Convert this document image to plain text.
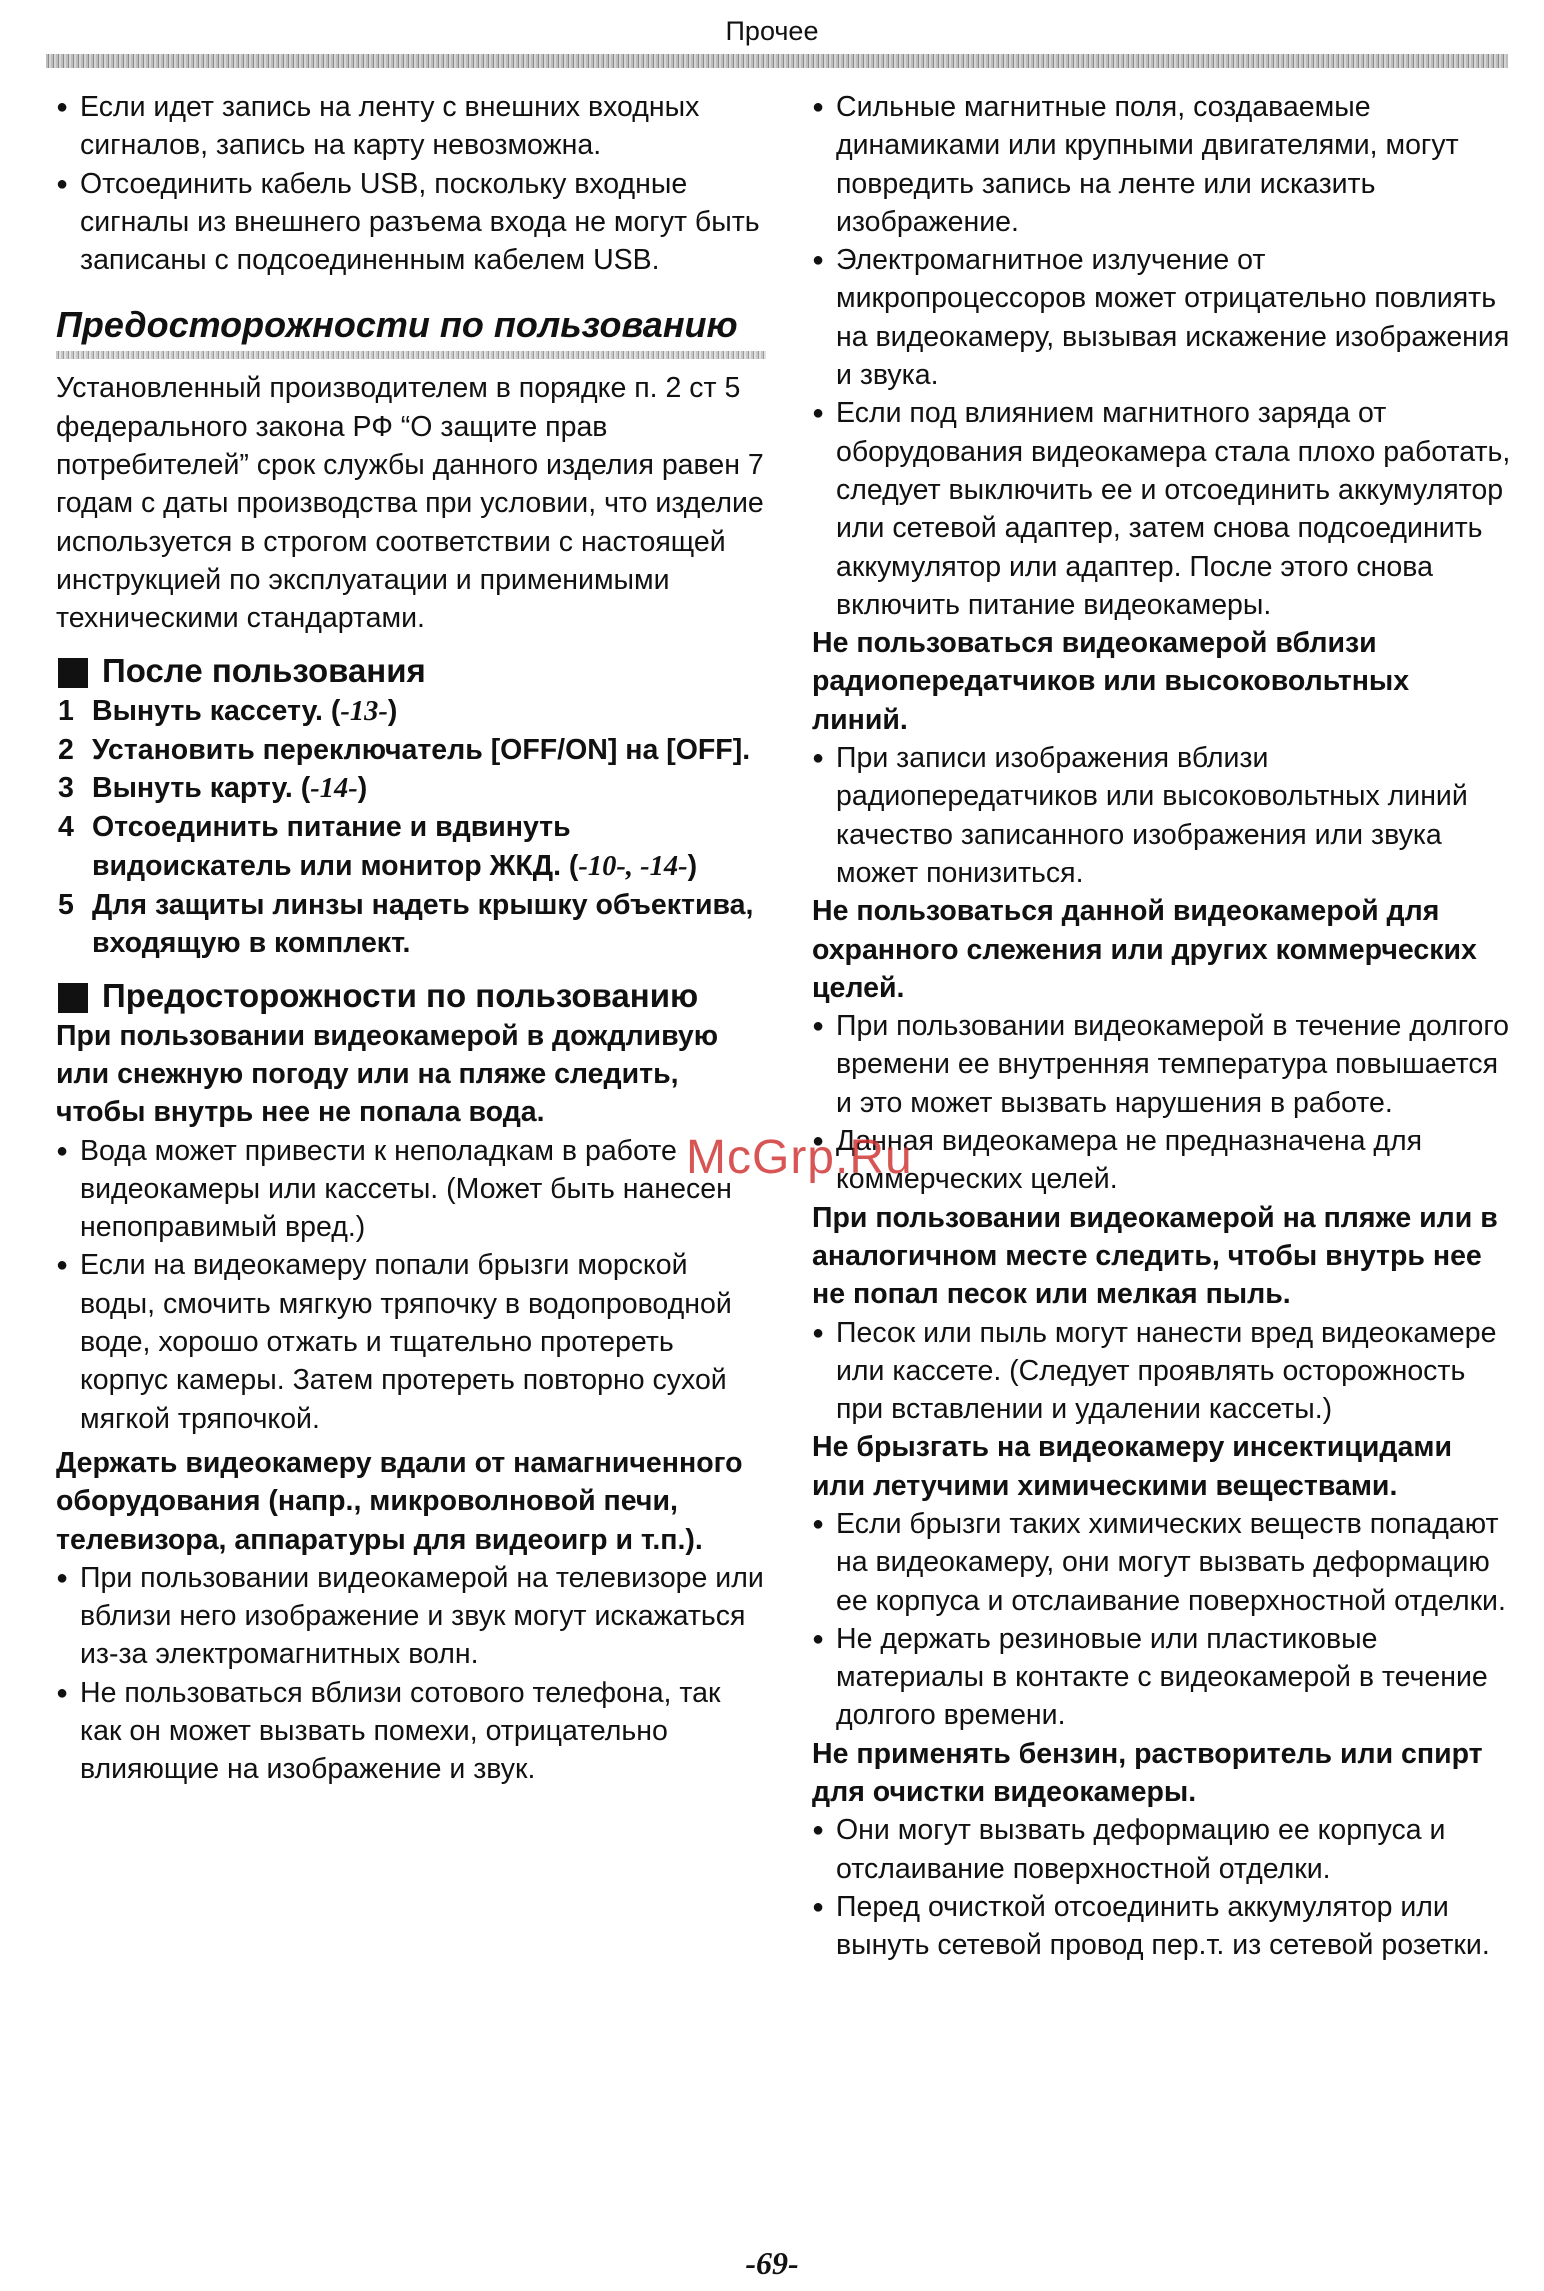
Прочее

● Если идет запись на ленту с внешних входных сигналов, запись на карту невозможна.

● Отсоединить кабель USB, поскольку входные сигналы из внешнего разъема входа не могут быть записаны с подсоединенным кабелем USB.

Предосторожности по пользованию

Установленный производителем в порядке п. 2 ст 5 федерального закона РФ “О защите прав потребителей” срок службы данного изделия равен 7 годам с даты производства при условии, что изделие используется в строгом соответствии с настоящей инструкцией по эксплуатации и применимыми техническими стандартами.

После пользования

1 Вынуть кассету. (-13-)

2 Установить переключатель [OFF/ON] на [OFF].

3 Вынуть карту. (-14-)

4 Отсоединить питание и вдвинуть видоискатель или монитор ЖКД. (-10-, -14-)

5 Для защиты линзы надеть крышку объектива, входящую в комплект.

Предосторожности по пользованию

При пользовании видеокамерой в дождливую или снежную погоду или на пляже следить, чтобы внутрь нее не попала вода.

● Вода может привести к неполадкам в работе видеокамеры или кассеты. (Может быть нанесен непоправимый вред.)

● Если на видеокамеру попали брызги морской воды, смочить мягкую тряпочку в водопроводной воде, хорошо отжать и тщательно протереть корпус камеры. Затем протереть повторно сухой мягкой тряпочкой.

Держать видеокамеру вдали от намагниченного оборудования (напр., микроволновой печи, телевизора, аппаратуры для видеоигр и т.п.).

● При пользовании видеокамерой на телевизоре или вблизи него изображение и звук могут искажаться из-за электромагнитных волн.

● Не пользоваться вблизи сотового телефона, так как он может вызвать помехи, отрицательно влияющие на изображение и звук.

● Сильные магнитные поля, создаваемые динамиками или крупными двигателями, могут повредить запись на ленте или исказить изображение.

● Электромагнитное излучение от микропроцессоров может отрицательно повлиять на видеокамеру, вызывая искажение изображения и звука.

● Если под влиянием магнитного заряда от оборудования видеокамера стала плохо работать, следует выключить ее и отсоединить аккумулятор или сетевой адаптер, затем снова подсоединить аккумулятор или адаптер. После этого снова включить питание видеокамеры.

Не пользоваться видеокамерой вблизи радиопередатчиков или высоковольтных линий.

● При записи изображения вблизи радиопередатчиков или высоковольтных линий качество записанного изображения или звука может понизиться.

Не пользоваться данной видеокамерой для охранного слежения или других коммерческих целей.

● При пользовании видеокамерой в течение долгого времени ее внутренняя температура повышается и это может вызвать нарушения в работе.

● Данная видеокамера не предназначена для коммерческих целей.

При пользовании видеокамерой на пляже или в аналогичном месте следить, чтобы внутрь нее не попал песок или мелкая пыль.

● Песок или пыль могут нанести вред видеокамере или кассете. (Следует проявлять осторожность при вставлении и удалении кассеты.)

Не брызгать на видеокамеру инсектицидами или летучими химическими веществами.

● Если брызги таких химических веществ попадают на видеокамеру, они могут вызвать деформацию ее корпуса и отслаивание поверхностной отделки.

● Не держать резиновые или пластиковые материалы в контакте с видеокамерой в течение долгого времени.

Не применять бензин, растворитель или спирт для очистки видеокамеры.

● Они могут вызвать деформацию ее корпуса и отслаивание поверхностной отделки.

● Перед очисткой отсоединить аккумулятор или вынуть сетевой провод пер.т. из сетевой розетки.

McGrp.Ru
-69-
